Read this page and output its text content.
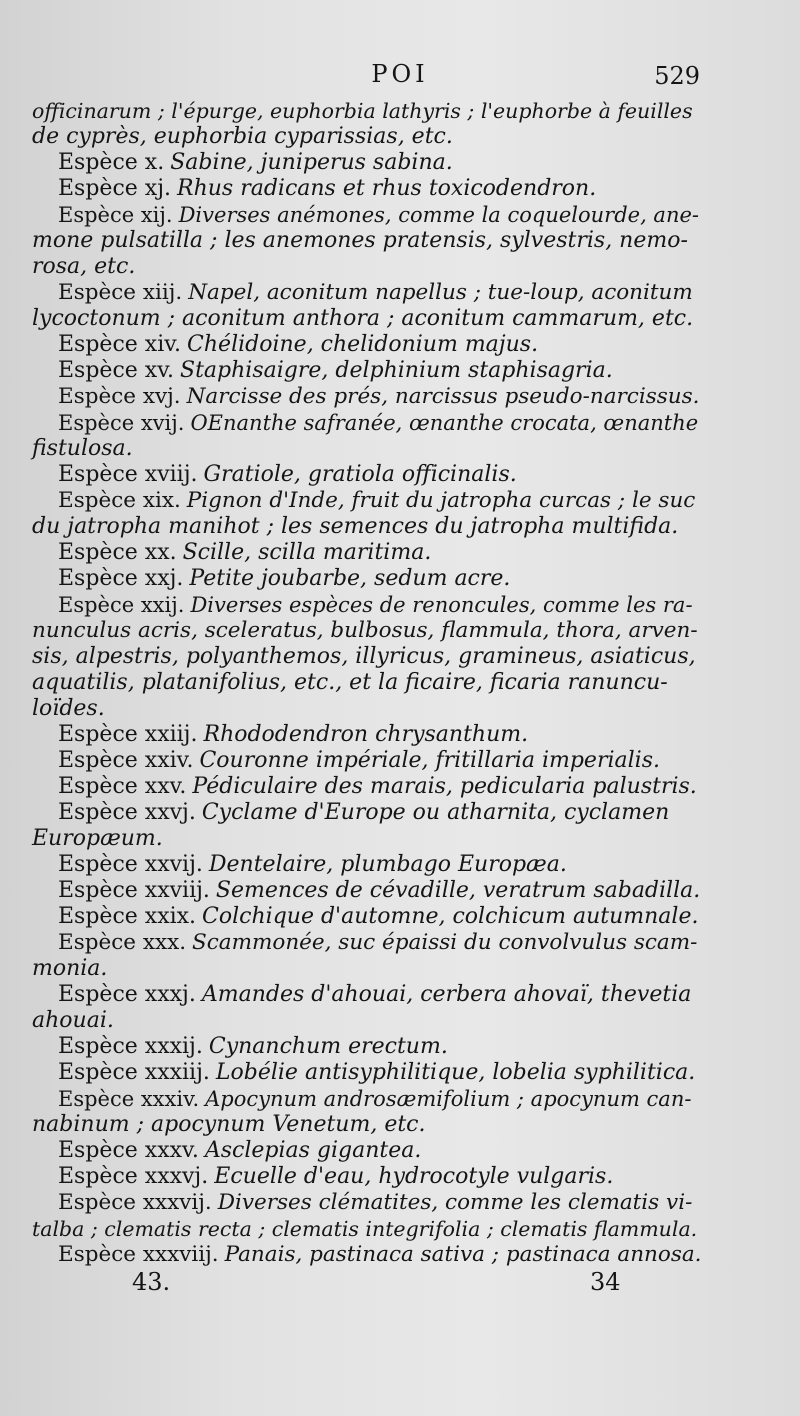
POI	529
officinarum ; l'épurge, euphorbia lathyris ; l'euphorbe à feuilles
de cyprès, euphorbia cyparissias, etc.
Espèce x. Sabine, juniperus sabina.
Espèce xj. Rhus radicans et rhus toxicodendron.
Espèce xij. Diverses anémones, comme la coquelourde, ane-
mone pulsatilla ; les anemones pratensis, sylvestris, nemo-
rosa, etc.
Espèce xiij. Napel, aconitum napellus ; tue-loup, aconitum
lycoctonum ; aconitum anthora ; aconitum cammarum, etc.
Espèce xiv. Chélidoine, chelidonium majus.
Espèce xv. Staphisaigre, delphinium staphisagria.
Espèce xvj. Narcisse des prés, narcissus pseudo-narcissus.
Espèce xvij. OEnanthe safranée, œnanthe crocata, œnanthe
fistulosa.
Espèce xviij. Gratiole, gratiola officinalis.
Espèce xix. Pignon d'Inde, fruit du jatropha curcas ; le suc
du jatropha manihot ; les semences du jatropha multifida.
Espèce xx. Scille, scilla maritima.
Espèce xxj. Petite joubarbe, sedum acre.
Espèce xxij. Diverses espèces de renoncules, comme les ra-
nunculus acris, sceleratus, bulbosus, flammula, thora, arven-
sis, alpestris, polyanthemos, illyricus, gramineus, asiaticus,
aquatilis, platanifolius, etc., et la ficaire, ficaria ranuncu-
loïdes.
Espèce xxiij. Rhododendron chrysanthum.
Espèce xxiv. Couronne impériale, fritillaria imperialis.
Espèce xxv. Pédiculaire des marais, pedicularia palustris.
Espèce xxvj. Cyclame d'Europe ou atharnita, cyclamen
Europæum.
Espèce xxvij. Dentelaire, plumbago Europæa.
Espèce xxviij. Semences de cévadille, veratrum sabadilla.
Espèce xxix. Colchique d'automne, colchicum autumnale.
Espèce xxx. Scammonée, suc épaissi du convolvulus scam-
monia.
Espèce xxxj. Amandes d'ahouai, cerbera ahovaï, thevetia
ahouai.
Espèce xxxij. Cynanchum erectum.
Espèce xxxiij. Lobélie antisyphilitique, lobelia syphilitica.
Espèce xxxiv. Apocynum androsæmifolium ; apocynum can-
nabinum ; apocynum Venetum, etc.
Espèce xxxv. Asclepias gigantea.
Espèce xxxvj. Ecuelle d'eau, hydrocotyle vulgaris.
Espèce xxxvij. Diverses clématites, comme les clematis vi-
talba ; clematis recta ; clematis integrifolia ; clematis flammula.
Espèce xxxviij. Panais, pastinaca sativa ; pastinaca annosa.
43.	34
